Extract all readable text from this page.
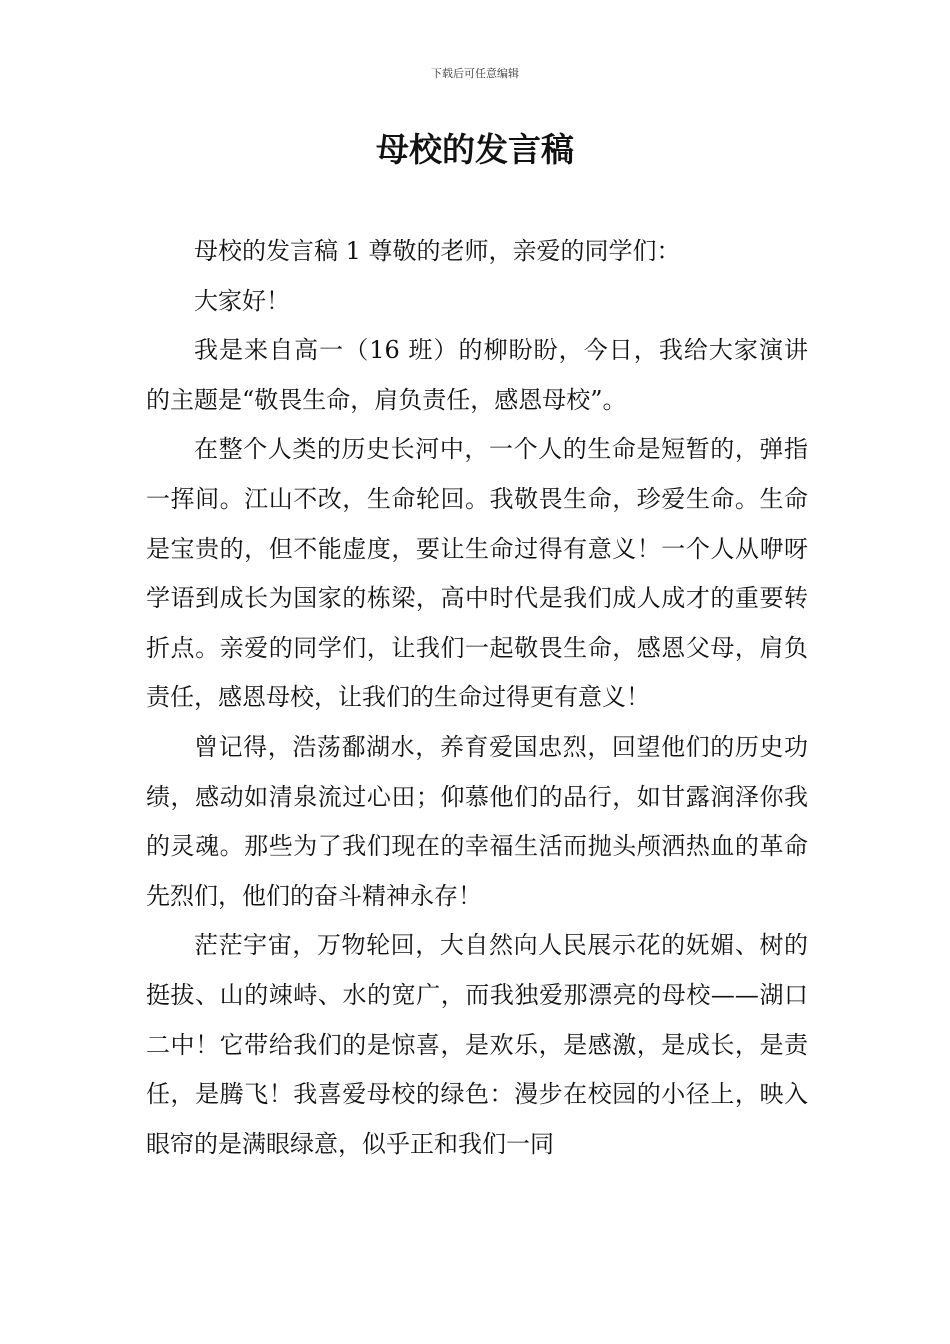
下载后可任意编辑
母校的发言稿

母校的发言稿 1 尊敬的老师，亲爱的同学们：

大家好！

我是来自高一（16 班）的柳盼盼，今日，我给大家演讲的主题是“敬畏生命，肩负责任，感恩母校”。

在整个人类的历史长河中，一个人的生命是短暂的，弹指一挥间。江山不改，生命轮回。我敬畏生命，珍爱生命。生命是宝贵的，但不能虚度，要让生命过得有意义！一个人从咿呀学语到成长为国家的栋梁，高中时代是我们成人成才的重要转折点。亲爱的同学们，让我们一起敬畏生命，感恩父母，肩负责任，感恩母校，让我们的生命过得更有意义！

曾记得，浩荡鄱湖水，养育爱国忠烈，回望他们的历史功绩，感动如清泉流过心田；仰慕他们的品行，如甘露润泽你我的灵魂。那些为了我们现在的幸福生活而抛头颅洒热血的革命先烈们，他们的奋斗精神永存！

茫茫宇宙，万物轮回，大自然向人民展示花的妩媚、树的挺拔、山的竦峙、水的宽广，而我独爱那漂亮的母校——湖口二中！它带给我们的是惊喜，是欢乐，是感激，是成长，是责任，是腾飞！我喜爱母校的绿色：漫步在校园的小径上，映入眼帘的是满眼绿意，似乎正和我们一同
